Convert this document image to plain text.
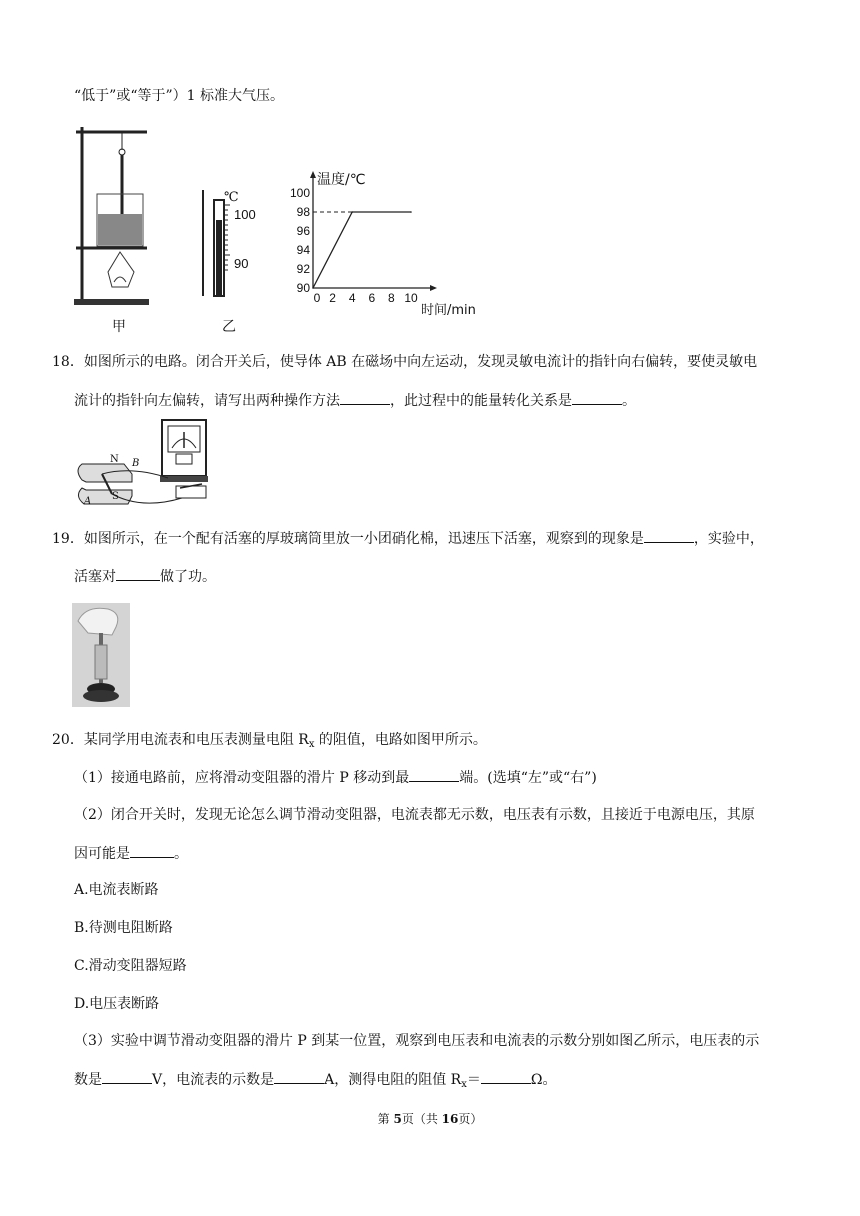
“低于”或“等于”）1 标准大气压。
甲
℃
100
90
乙
温度/℃
时间/min
100
98
96
94
92
90
0 2 4 6 8 10
18．如图所示的电路。闭合开关后，使导体 AB 在磁场中向左运动，发现灵敏电流计的指针向右偏转，要使灵敏电
流计的指针向左偏转，请写出两种操作方法	，此过程中的能量转化关系是	。
N
S
A
B
19．如图所示，在一个配有活塞的厚玻璃筒里放一小团硝化棉，迅速压下活塞，观察到的现象是	，实验中，
活塞对	做了功。
20．某同学用电流表和电压表测量电阻 $R_x$ 的阻值，电路如图甲所示。
（1）接通电路前，应将滑动变阻器的滑片 P 移动到最	端。(选填“左”或“右”)
（2）闭合开关时，发现无论怎么调节滑动变阻器，电流表都无示数，电压表有示数，且接近于电源电压，其原
因可能是	。
A.电流表断路
B.待测电阻断路
C.滑动变阻器短路
D.电压表断路
（3）实验中调节滑动变阻器的滑片 P 到某一位置，观察到电压表和电流表的示数分别如图乙所示，电压表的示
数是	V，电流表的示数是	A，测得电阻的阻值 $R_x=$	Ω。
第 5页（共 16页）
